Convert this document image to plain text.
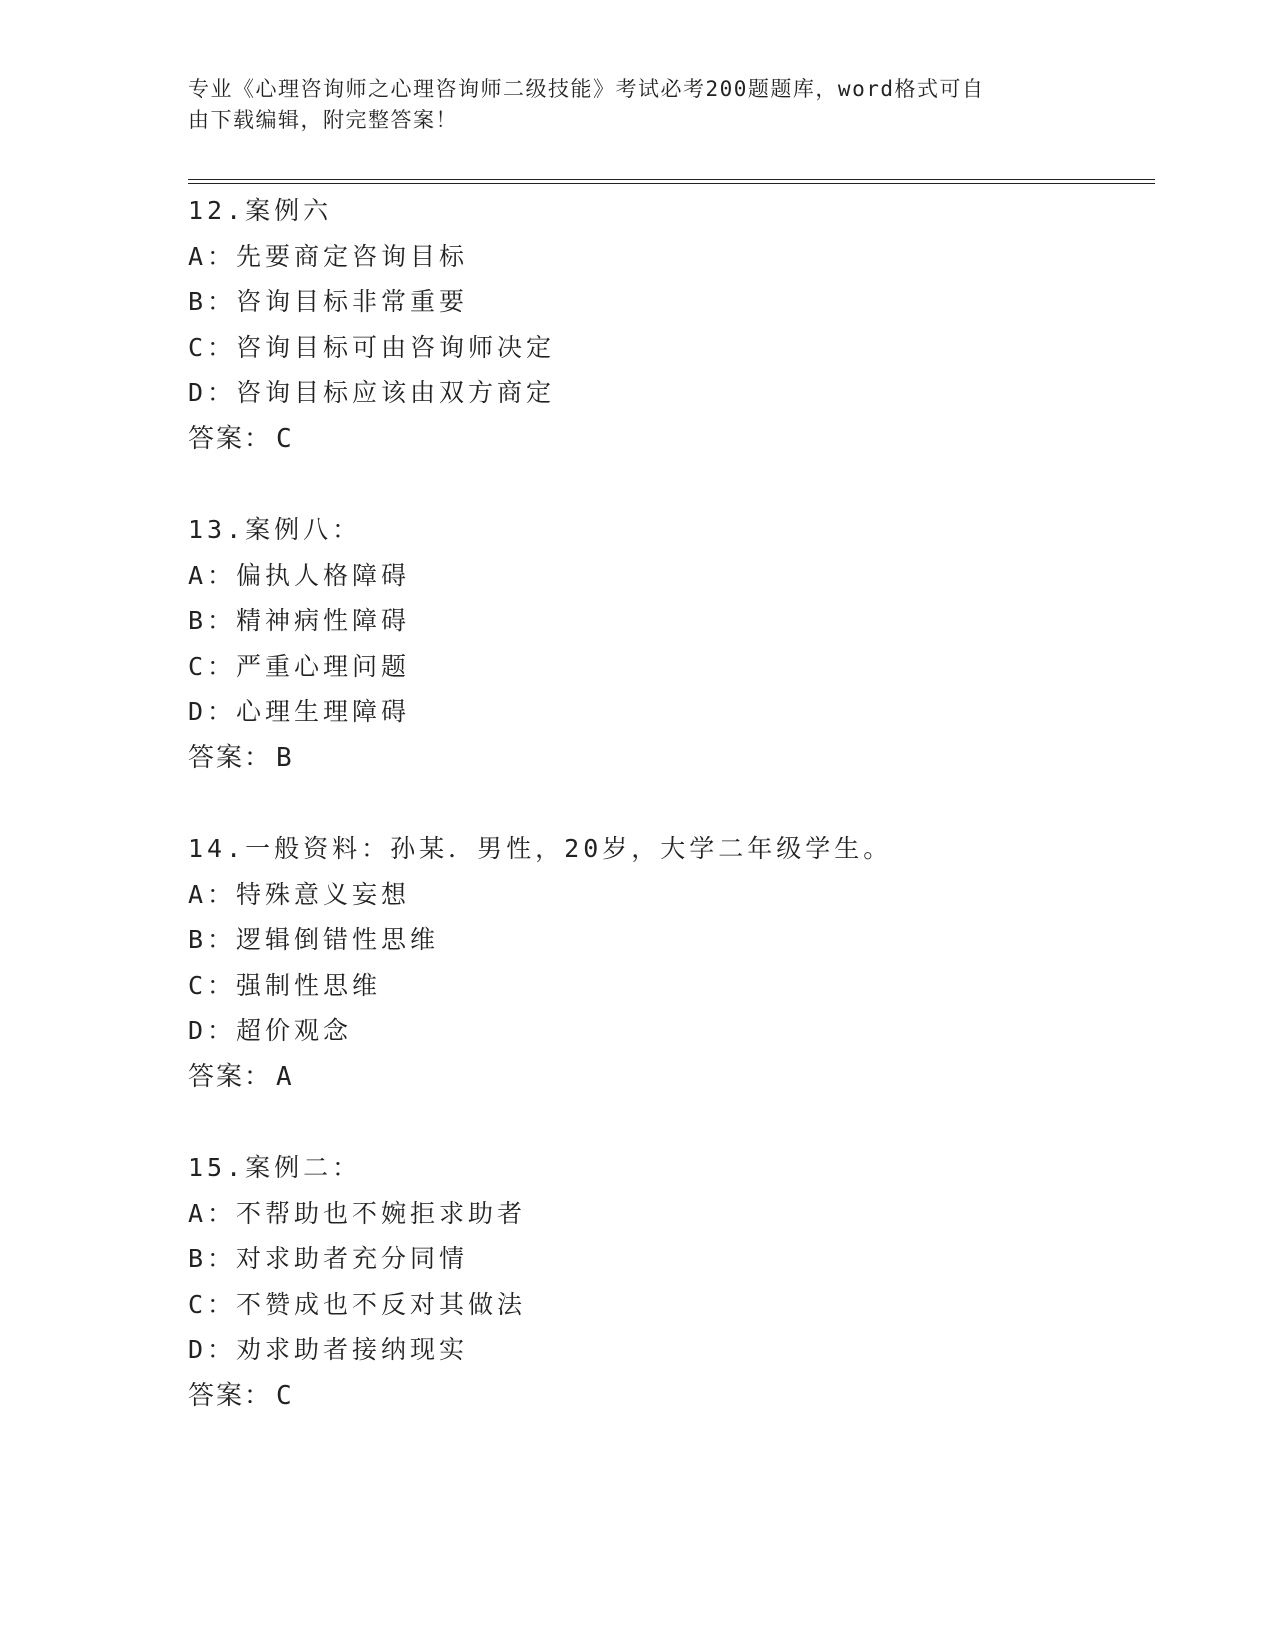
专业《心理咨询师之心理咨询师二级技能》考试必考200题题库，word格式可自
由下载编辑，附完整答案！
12.案例六
A：先要商定咨询目标
B：咨询目标非常重要
C：咨询目标可由咨询师决定
D：咨询目标应该由双方商定
答案： C
13.案例八：
A：偏执人格障碍
B：精神病性障碍
C：严重心理问题
D：心理生理障碍
答案： B
14.一般资料：孙某．男性，20岁，大学二年级学生。
A：特殊意义妄想
B：逻辑倒错性思维
C：强制性思维
D：超价观念
答案： A
15.案例二：
A：不帮助也不婉拒求助者
B：对求助者充分同情
C：不赞成也不反对其做法
D：劝求助者接纳现实
答案： C
